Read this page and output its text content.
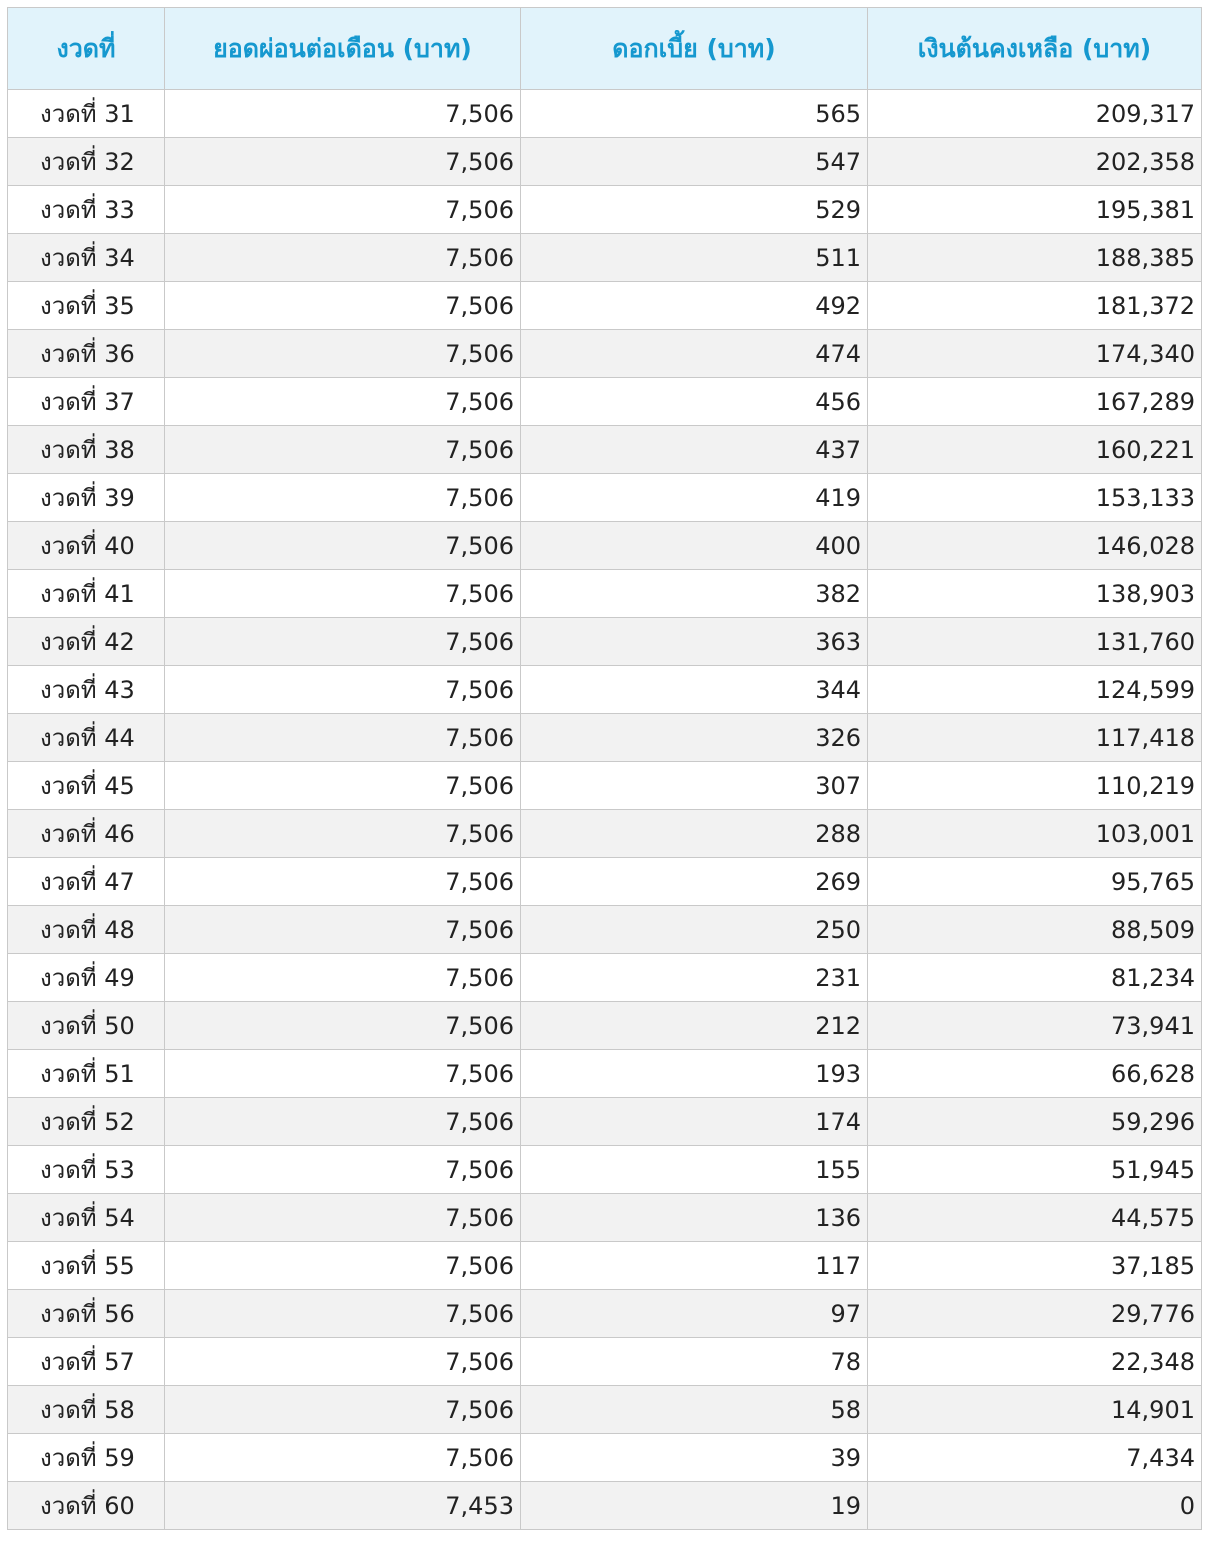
งวดที่	ยอดผ่อนต่อเดือน (บาท)	ดอกเบี้ย (บาท)	เงินต้นคงเหลือ (บาท)
งวดที่ 31	7,506	565	209,317
งวดที่ 32	7,506	547	202,358
งวดที่ 33	7,506	529	195,381
งวดที่ 34	7,506	511	188,385
งวดที่ 35	7,506	492	181,372
งวดที่ 36	7,506	474	174,340
งวดที่ 37	7,506	456	167,289
งวดที่ 38	7,506	437	160,221
งวดที่ 39	7,506	419	153,133
งวดที่ 40	7,506	400	146,028
งวดที่ 41	7,506	382	138,903
งวดที่ 42	7,506	363	131,760
งวดที่ 43	7,506	344	124,599
งวดที่ 44	7,506	326	117,418
งวดที่ 45	7,506	307	110,219
งวดที่ 46	7,506	288	103,001
งวดที่ 47	7,506	269	95,765
งวดที่ 48	7,506	250	88,509
งวดที่ 49	7,506	231	81,234
งวดที่ 50	7,506	212	73,941
งวดที่ 51	7,506	193	66,628
งวดที่ 52	7,506	174	59,296
งวดที่ 53	7,506	155	51,945
งวดที่ 54	7,506	136	44,575
งวดที่ 55	7,506	117	37,185
งวดที่ 56	7,506	97	29,776
งวดที่ 57	7,506	78	22,348
งวดที่ 58	7,506	58	14,901
งวดที่ 59	7,506	39	7,434
งวดที่ 60	7,453	19	0
